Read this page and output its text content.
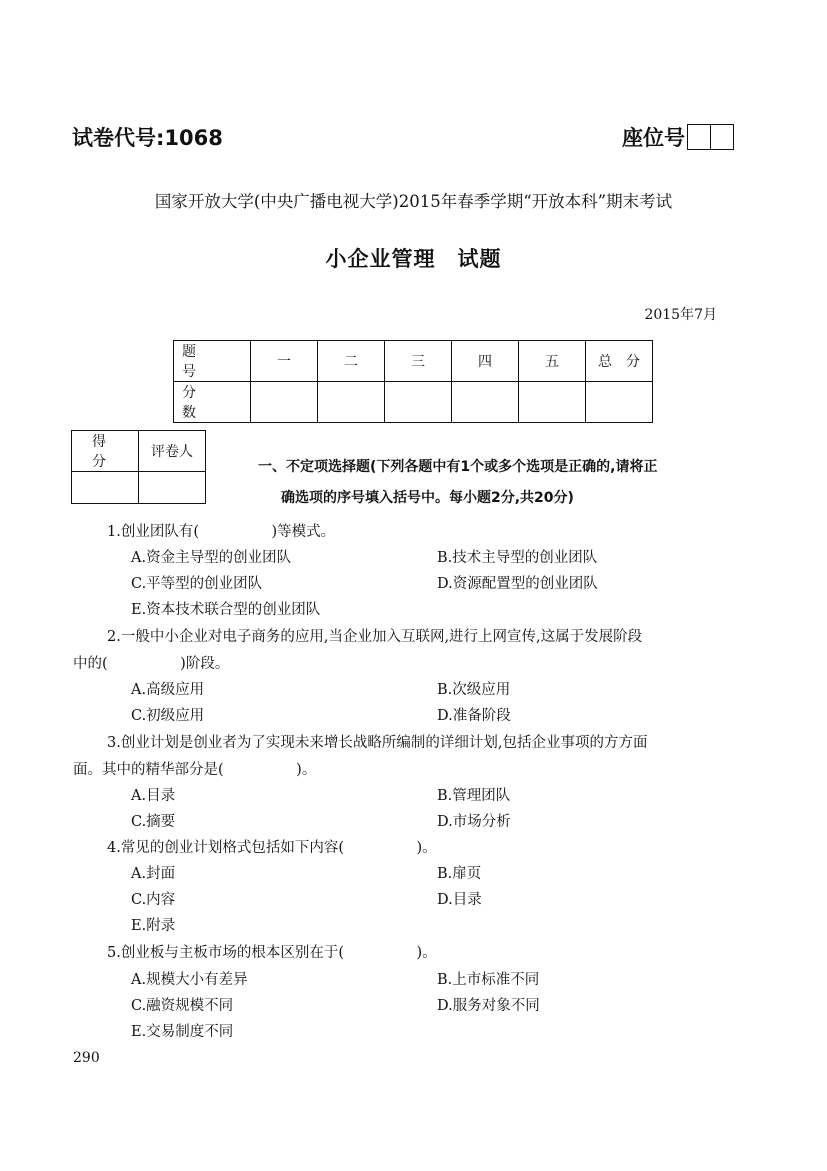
试卷代号:1068	座位号
国家开放大学(中央广播电视大学)2015年春季学期“开放本科”期末考试
小企业管理　试题
2015年7月
题　号	一	二	三	四	五	总　分
分　数						
得　分	评卷人

一、不定项选择题(下列各题中有1个或多个选项是正确的,请将正
确选项的序号填入括号中。每小题2分,共20分)
1.创业团队有(　　　　　)等模式。
A.资金主导型的创业团队	B.技术主导型的创业团队
C.平等型的创业团队	D.资源配置型的创业团队
E.资本技术联合型的创业团队
2.一般中小企业对电子商务的应用,当企业加入互联网,进行上网宣传,这属于发展阶段
中的(　　　　　)阶段。
A.高级应用	B.次级应用
C.初级应用	D.准备阶段
3.创业计划是创业者为了实现未来增长战略所编制的详细计划,包括企业事项的方方面
面。其中的精华部分是(　　　　　)。
A.目录	B.管理团队
C.摘要	D.市场分析
4.常见的创业计划格式包括如下内容(　　　　　)。
A.封面	B.扉页
C.内容	D.目录
E.附录
5.创业板与主板市场的根本区别在于(　　　　　)。
A.规模大小有差异	B.上市标准不同
C.融资规模不同	D.服务对象不同
E.交易制度不同
290
